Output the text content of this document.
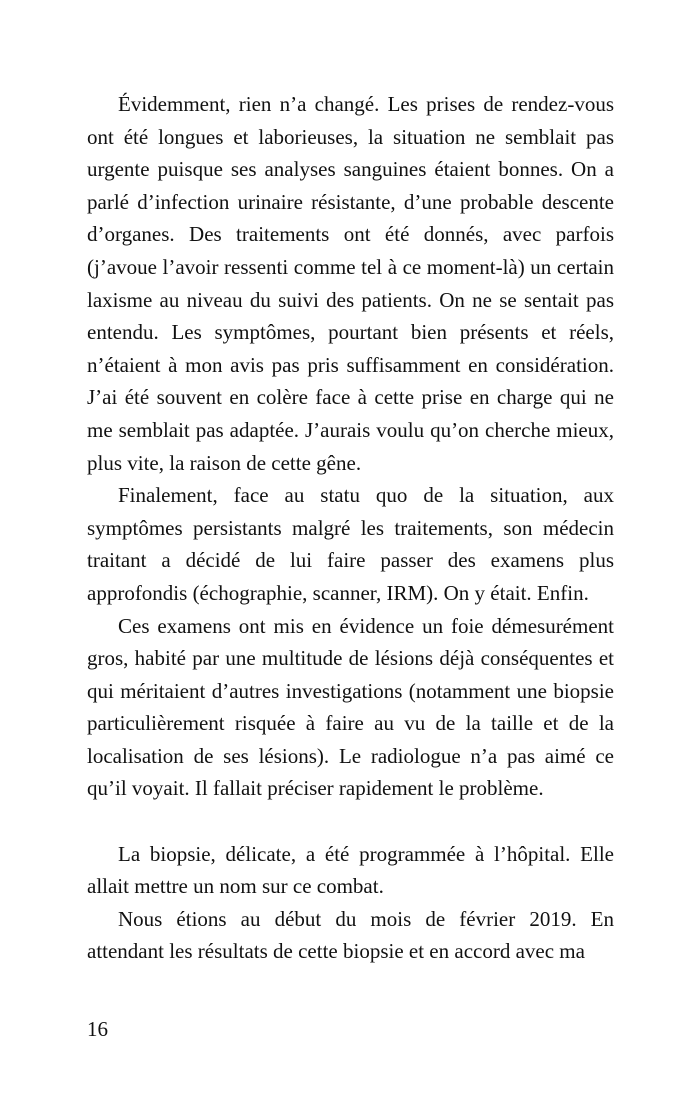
Évidemment, rien n’a changé. Les prises de rendez-vous ont été longues et laborieuses, la situation ne semblait pas urgente puisque ses analyses sanguines étaient bonnes. On a parlé d’infection urinaire résistante, d’une probable descente d’organes. Des traitements ont été donnés, avec parfois (j’avoue l’avoir ressenti comme tel à ce moment-là) un certain laxisme au niveau du suivi des patients. On ne se sentait pas entendu. Les symptômes, pourtant bien présents et réels, n’étaient à mon avis pas pris suffisamment en considération. J’ai été souvent en colère face à cette prise en charge qui ne me semblait pas adaptée. J’aurais voulu qu’on cherche mieux, plus vite, la raison de cette gêne.

Finalement, face au statu quo de la situation, aux symptômes persistants malgré les traitements, son médecin traitant a décidé de lui faire passer des examens plus approfondis (échographie, scanner, IRM). On y était. Enfin.

Ces examens ont mis en évidence un foie démesurément gros, habité par une multitude de lésions déjà conséquentes et qui méritaient d’autres investigations (notamment une biopsie particulièrement risquée à faire au vu de la taille et de la localisation de ses lésions). Le radiologue n’a pas aimé ce qu’il voyait. Il fallait préciser rapidement le problème.

La biopsie, délicate, a été programmée à l’hôpital. Elle allait mettre un nom sur ce combat.

Nous étions au début du mois de février 2019. En attendant les résultats de cette biopsie et en accord avec ma

16
